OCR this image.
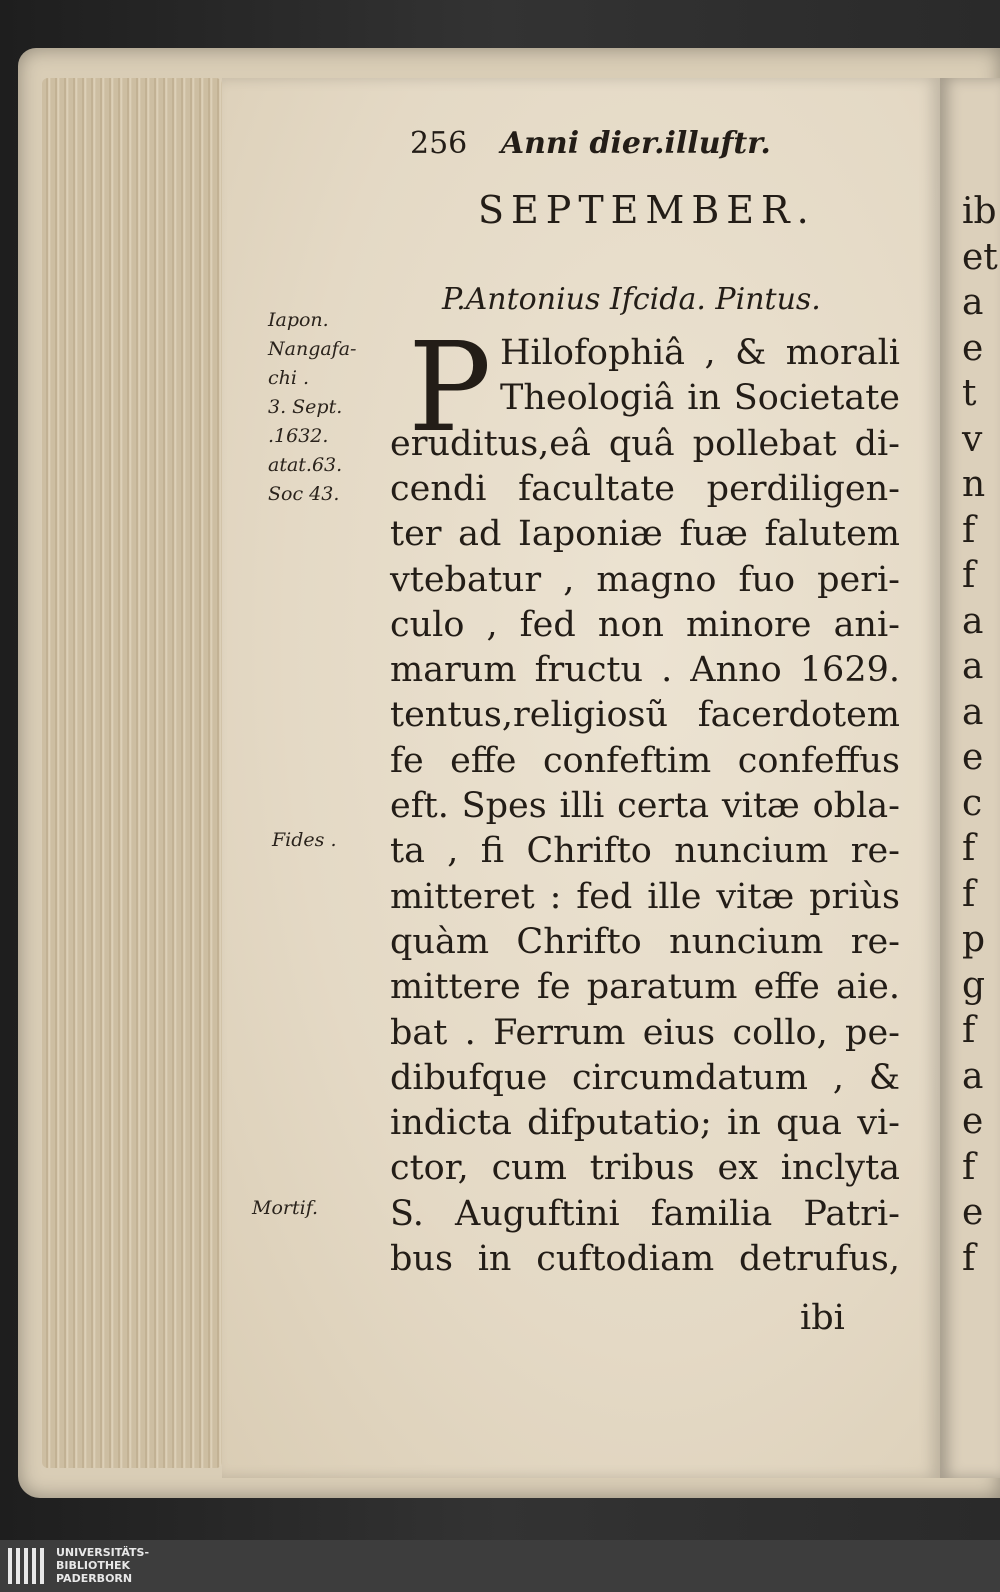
ib
et
a
e
t
v
n
f
f
a
a
a
e
c
f
f
p
g
f
a
e
f
e
f
256 Anni dier.illuftr.
SEPTEMBER.
P.Antonius Ifcida. Pintus.
Iapon.
Nangafa-
chi .
3. Sept.
.1632.
atat.63.
Soc 43.
Fides .
Mortif.
P Hilofophiâ , & morali
Theologiâ in Societate
eruditus,eâ quâ pollebat di-
cendi facultate perdiligen-
ter ad Iaponiæ fuæ falutem
vtebatur , magno fuo peri-
culo , fed non minore ani-
marum fructu . Anno 1629.
tentus,religiosũ facerdotem
fe effe confeftim confeffus
eft. Spes illi certa vitæ obla-
ta , fi Chrifto nuncium re-
mitteret : fed ille vitæ priùs
quàm Chrifto nuncium re-
mittere fe paratum effe aie.
bat . Ferrum eius collo, pe-
dibufque circumdatum , &
indicta difputatio; in qua vi-
ctor, cum tribus ex inclyta
S. Auguftini familia Patri-
bus in cuftodiam detrufus,
ibi
UNIVERSITÄTS-
BIBLIOTHEK
PADERBORN
